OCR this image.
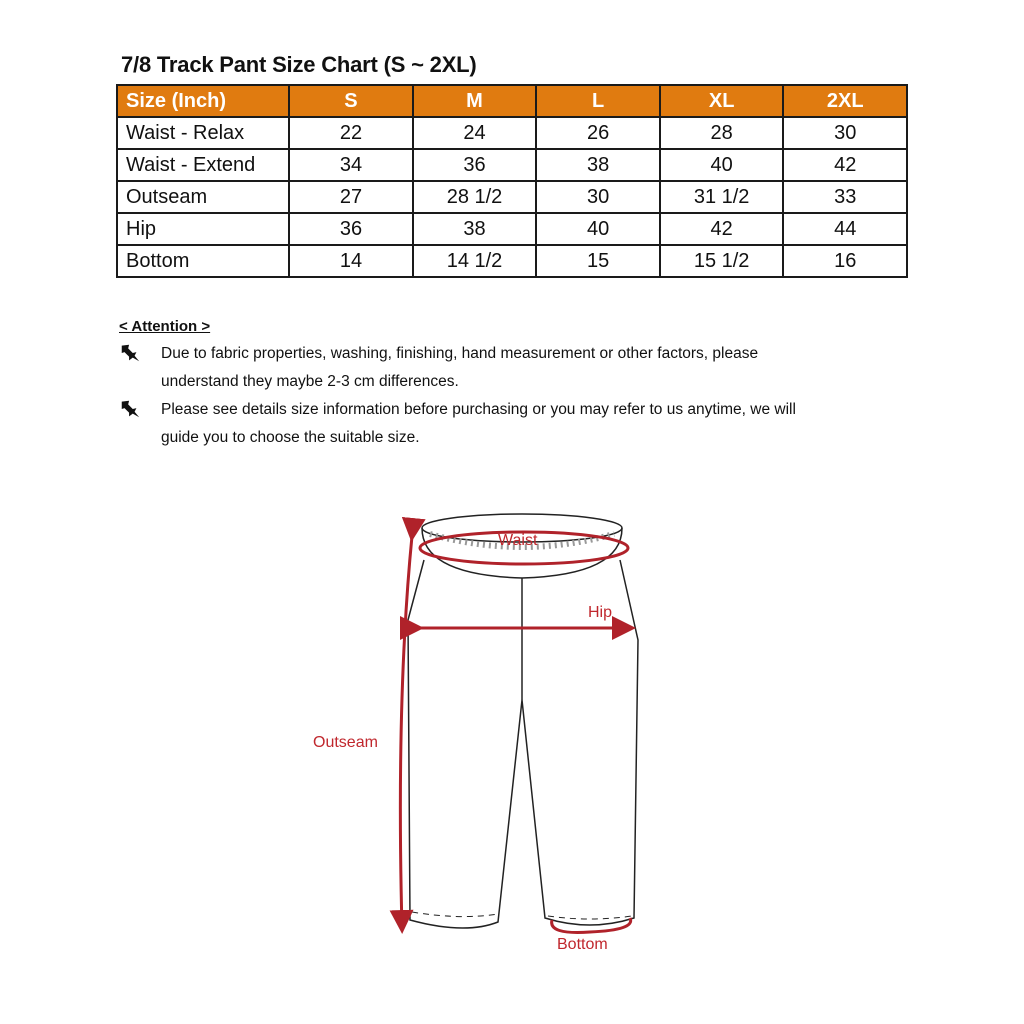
7/8 Track Pant Size Chart (S ~ 2XL)
Size (Inch)	S	M	L	XL	2XL
Waist - Relax	22	24	26	28	30
Waist - Extend	34	36	38	40	42
Outseam	27	28 1/2	30	31 1/2	33
Hip	36	38	40	42	44
Bottom	14	14 1/2	15	15 1/2	16
< Attention >
Due to fabric properties, washing, finishing, hand measurement or other factors, please understand they maybe 2-3 cm differences.
Please see details size information before purchasing or you may refer to us anytime, we will guide you to choose the suitable size.
Waist
Hip
Outseam
Bottom
